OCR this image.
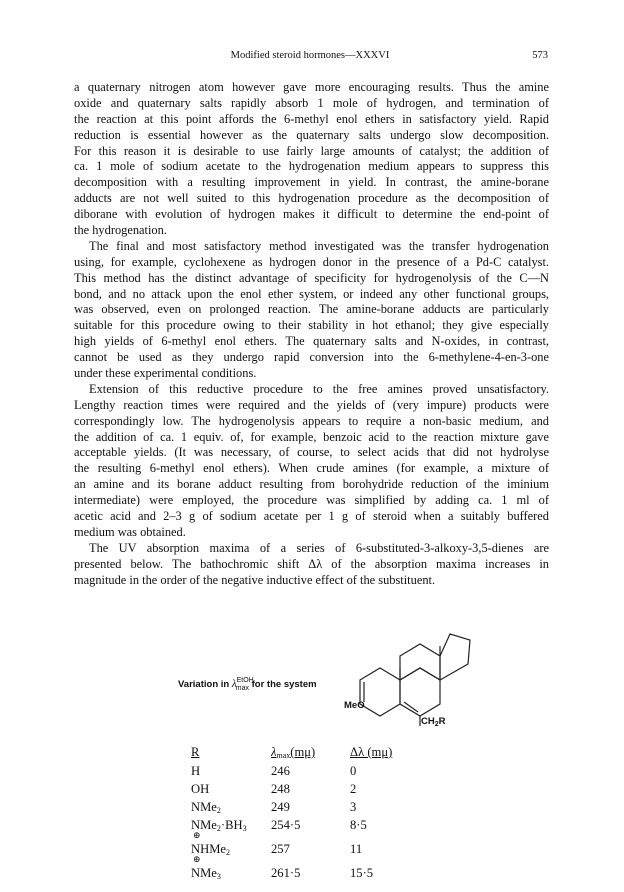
Modified steroid hormones—XXXVI	573

a quaternary nitrogen atom however gave more encouraging results. Thus the amine
oxide and quaternary salts rapidly absorb 1 mole of hydrogen, and termination of
the reaction at this point affords the 6-methyl enol ethers in satisfactory yield. Rapid
reduction is essential however as the quaternary salts undergo slow decomposition.
For this reason it is desirable to use fairly large amounts of catalyst; the addition of
ca. 1 mole of sodium acetate to the hydrogenation medium appears to suppress this
decomposition with a resulting improvement in yield. In contrast, the amine-borane
adducts are not well suited to this hydrogenation procedure as the decomposition of
diborane with evolution of hydrogen makes it difficult to determine the end-point of
the hydrogenation.

The final and most satisfactory method investigated was the transfer hydrogenation
using, for example, cyclohexene as hydrogen donor in the presence of a Pd-C catalyst.
This method has the distinct advantage of specificity for hydrogenolysis of the C—N
bond, and no attack upon the enol ether system, or indeed any other functional groups,
was observed, even on prolonged reaction. The amine-borane adducts are particularly
suitable for this procedure owing to their stability in hot ethanol; they give especially
high yields of 6-methyl enol ethers. The quaternary salts and N-oxides, in contrast,
cannot be used as they undergo rapid conversion into the 6-methylene-4-en-3-one
under these experimental conditions.

Extension of this reductive procedure to the free amines proved unsatisfactory.
Lengthy reaction times were required and the yields of (very impure) products were
correspondingly low. The hydrogenolysis appears to require a non-basic medium, and
the addition of ca. 1 equiv. of, for example, benzoic acid to the reaction mixture gave
acceptable yields. (It was necessary, of course, to select acids that did not hydrolyse
the resulting 6-methyl enol ethers). When crude amines (for example, a mixture of
an amine and its borane adduct resulting from borohydride reduction of the iminium
intermediate) were employed, the procedure was simplified by adding ca. 1 ml of
acetic acid and 2–3 g of sodium acetate per 1 g of steroid when a suitably buffered
medium was obtained.

The UV absorption maxima of a series of 6-substituted-3-alkoxy-3,5-dienes are
presented below. The bathochromic shift Δλ of the absorption maxima increases in
magnitude in the order of the negative inductive effect of the substituent.

Variation in $\lambda^{EtOH}_{max}$ for the system
MeO
$CH_2R$
R	λmax(mμ)	Δλ (mμ)
H	246	0
OH	248	2
NMe2	249	3
NMe2·BH3 254·5	8·5
⊕
NHMe2	257	11
⊕
NMe3	261·5	15·5
